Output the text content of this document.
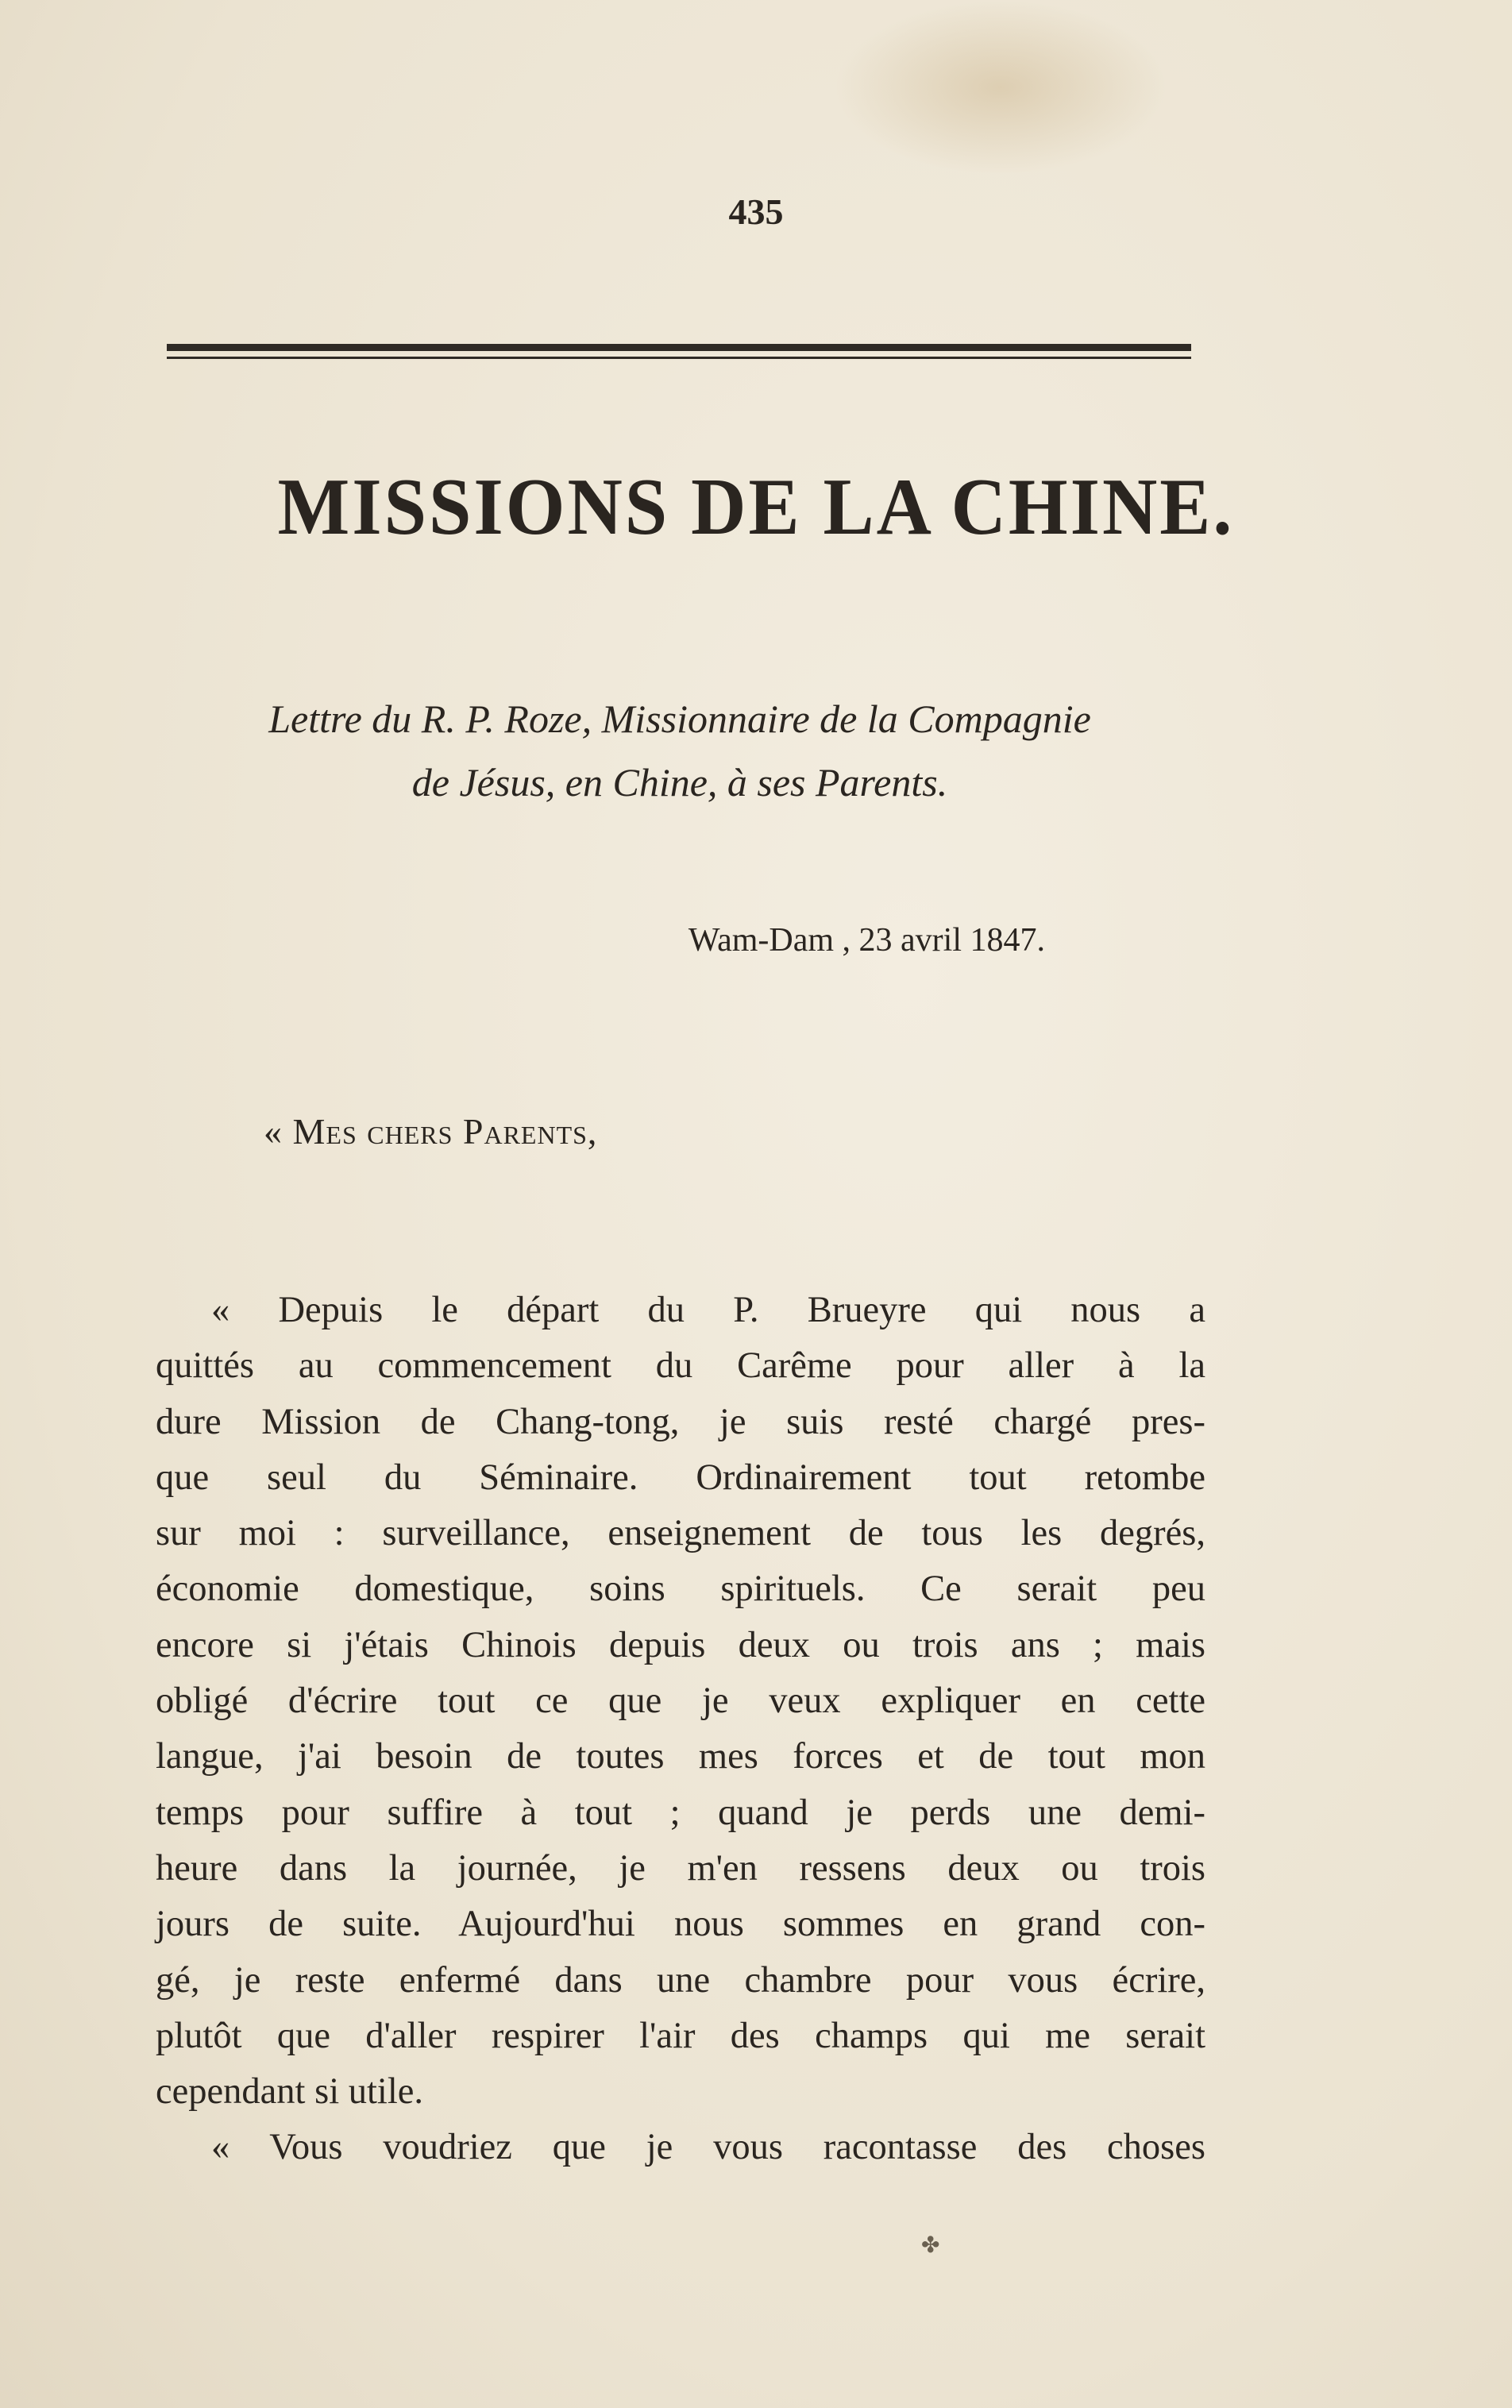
435
MISSIONS DE LA CHINE.
Lettre du R. P. Roze, Missionnaire de la Compagnie
de Jésus, en Chine, à ses Parents.
Wam-Dam , 23 avril 1847.
« Mes chers Parents,
« Depuis le départ du P. Brueyre qui nous a
quittés au commencement du Carême pour aller à la
dure Mission de Chang-tong, je suis resté chargé pres-
que seul du Séminaire. Ordinairement tout retombe
sur moi : surveillance, enseignement de tous les degrés,
économie domestique, soins spirituels. Ce serait peu
encore si j'étais Chinois depuis deux ou trois ans ; mais
obligé d'écrire tout ce que je veux expliquer en cette
langue, j'ai besoin de toutes mes forces et de tout mon
temps pour suffire à tout ; quand je perds une demi-
heure dans la journée, je m'en ressens deux ou trois
jours de suite. Aujourd'hui nous sommes en grand con-
gé, je reste enfermé dans une chambre pour vous écrire,
plutôt que d'aller respirer l'air des champs qui me serait
cependant si utile.
« Vous voudriez que je vous racontasse des choses
✤
